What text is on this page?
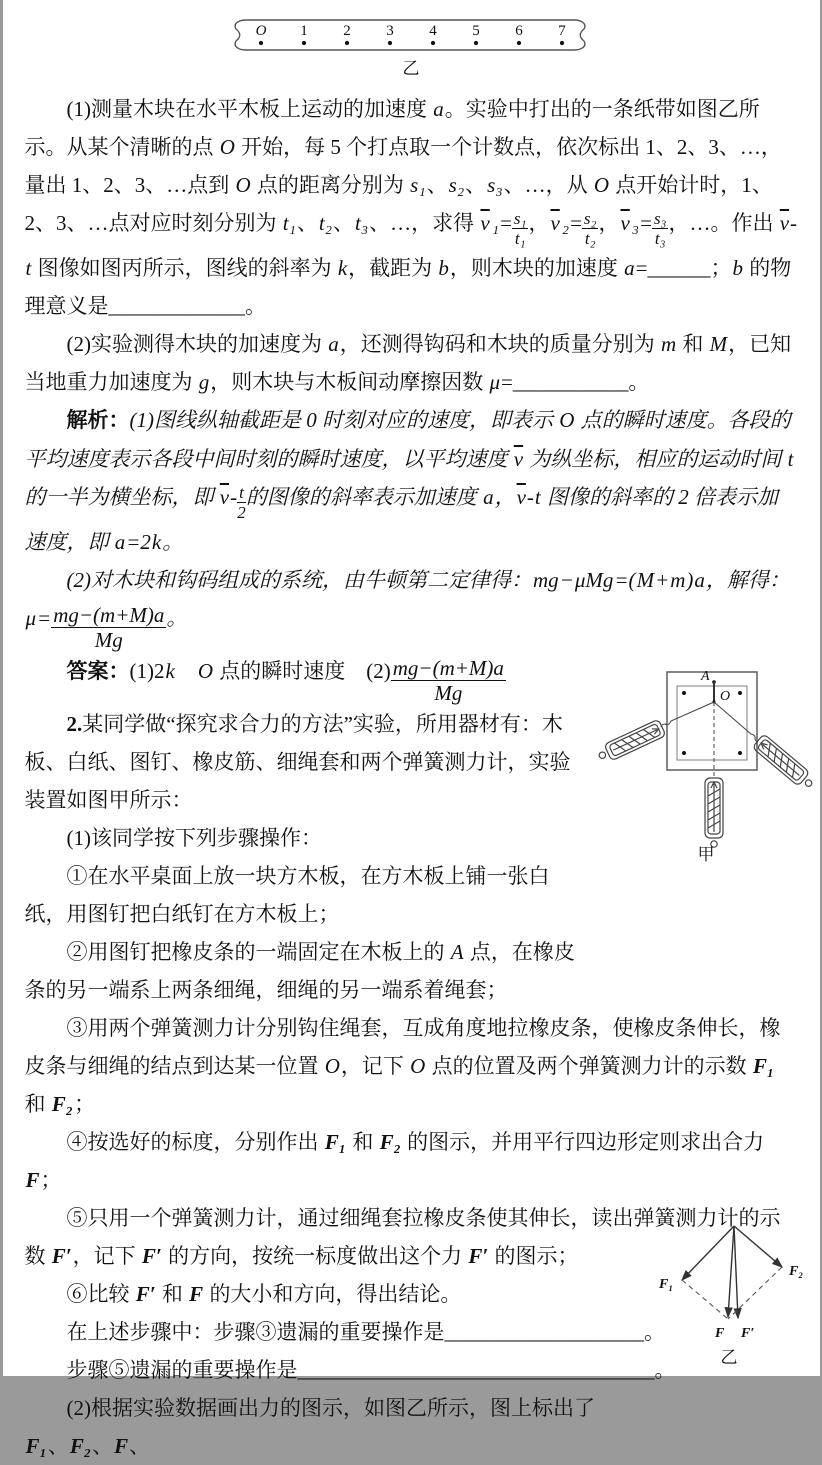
O 1 2 3 4 5 6 7
乙

(1)测量木块在水平木板上运动的加速度 a。实验中打出的一条纸带如图乙所示。从某个清晰的点 O 开始，每 5 个打点取一个计数点，依次标出 1、2、3、…，量出 1、2、3、…点到 O 点的距离分别为 s₁、s₂、s₃、…，从 O 点开始计时，1、2、3、…点对应时刻分别为 t₁、t₂、t₃、…，求得 $\overline{v}_1= \frac{\text{s₁}}{\text{t₁}}$ ，$\overline{v}_2= \frac{\text{s₂}}{\text{t₂}}$ ，$\overline{v}_3= \frac{\text{s₃}}{\text{t₃}}$ ，…。作出 $\overline{v}-t$ 图像如图丙所示，图线的斜率为 k，截距为 b，则木块的加速度 a=______；b 的物理意义是_____________。

(2)实验测得木块的加速度为 a，还测得钩码和木块的质量分别为 m 和 M，已知当地重力加速度为 g，则木块与木板间动摩擦因数 μ=___________。

解析：(1)图线纵轴截距是 0 时刻对应的速度，即表示 O 点的瞬时速度。各段的平均速度表示各段中间时刻的瞬时速度，以平均速度 $\overline{v}$ 为纵坐标，相应的运动时间 t 的一半为横坐标，即 $\overline{v}- \frac{t}{2}$ 的图像的斜率表示加速度 a，$\overline{v}-t$ 图像的斜率的 2 倍表示加速度，即 a=2k。

(2)对木块和钩码组成的系统，由牛顿第二定律得：mg−μMg=(M+m)a，解得：$\mu= \frac{mg-(m+M)a}{Mg}$ 。

答案：(1)2k　 O 点的瞬时速度　$(2) \frac{mg-(m+M)a}{Mg}$

2.某同学做“探究求合力的方法”实验，所用器材有：木板、白纸、图钉、橡皮筋、细绳套和两个弹簧测力计，实验装置如图甲所示：

(1)该同学按下列步骤操作：

①在水平桌面上放一块方木板，在方木板上铺一张白纸，用图钉把白纸钉在方木板上；

②用图钉把橡皮条的一端固定在木板上的 A 点，在橡皮条的另一端系上两条细绳，细绳的另一端系着绳套；

③用两个弹簧测力计分别钩住绳套，互成角度地拉橡皮条，使橡皮条伸长，橡皮条与细绳的结点到达某一位置 O，记下 O 点的位置及两个弹簧测力计的示数 F₁ 和 F₂；

④按选好的标度，分别作出 F₁ 和 F₂ 的图示，并用平行四边形定则求出合力 F；

⑤只用一个弹簧测力计，通过细绳套拉橡皮条使其伸长，读出弹簧测力计的示数 F′，记下 F′ 的方向，按统一标度做出这个力 F′ 的图示；

⑥比较 F′ 和 F 的大小和方向，得出结论。

在上述步骤中：步骤③遗漏的重要操作是___________________。

步骤⑤遗漏的重要操作是__________________________________。

(2)根据实验数据画出力的图示，如图乙所示，图上标出了 F₁、F₂、F、

A
O
甲
F₁
F₂
F F′
乙
